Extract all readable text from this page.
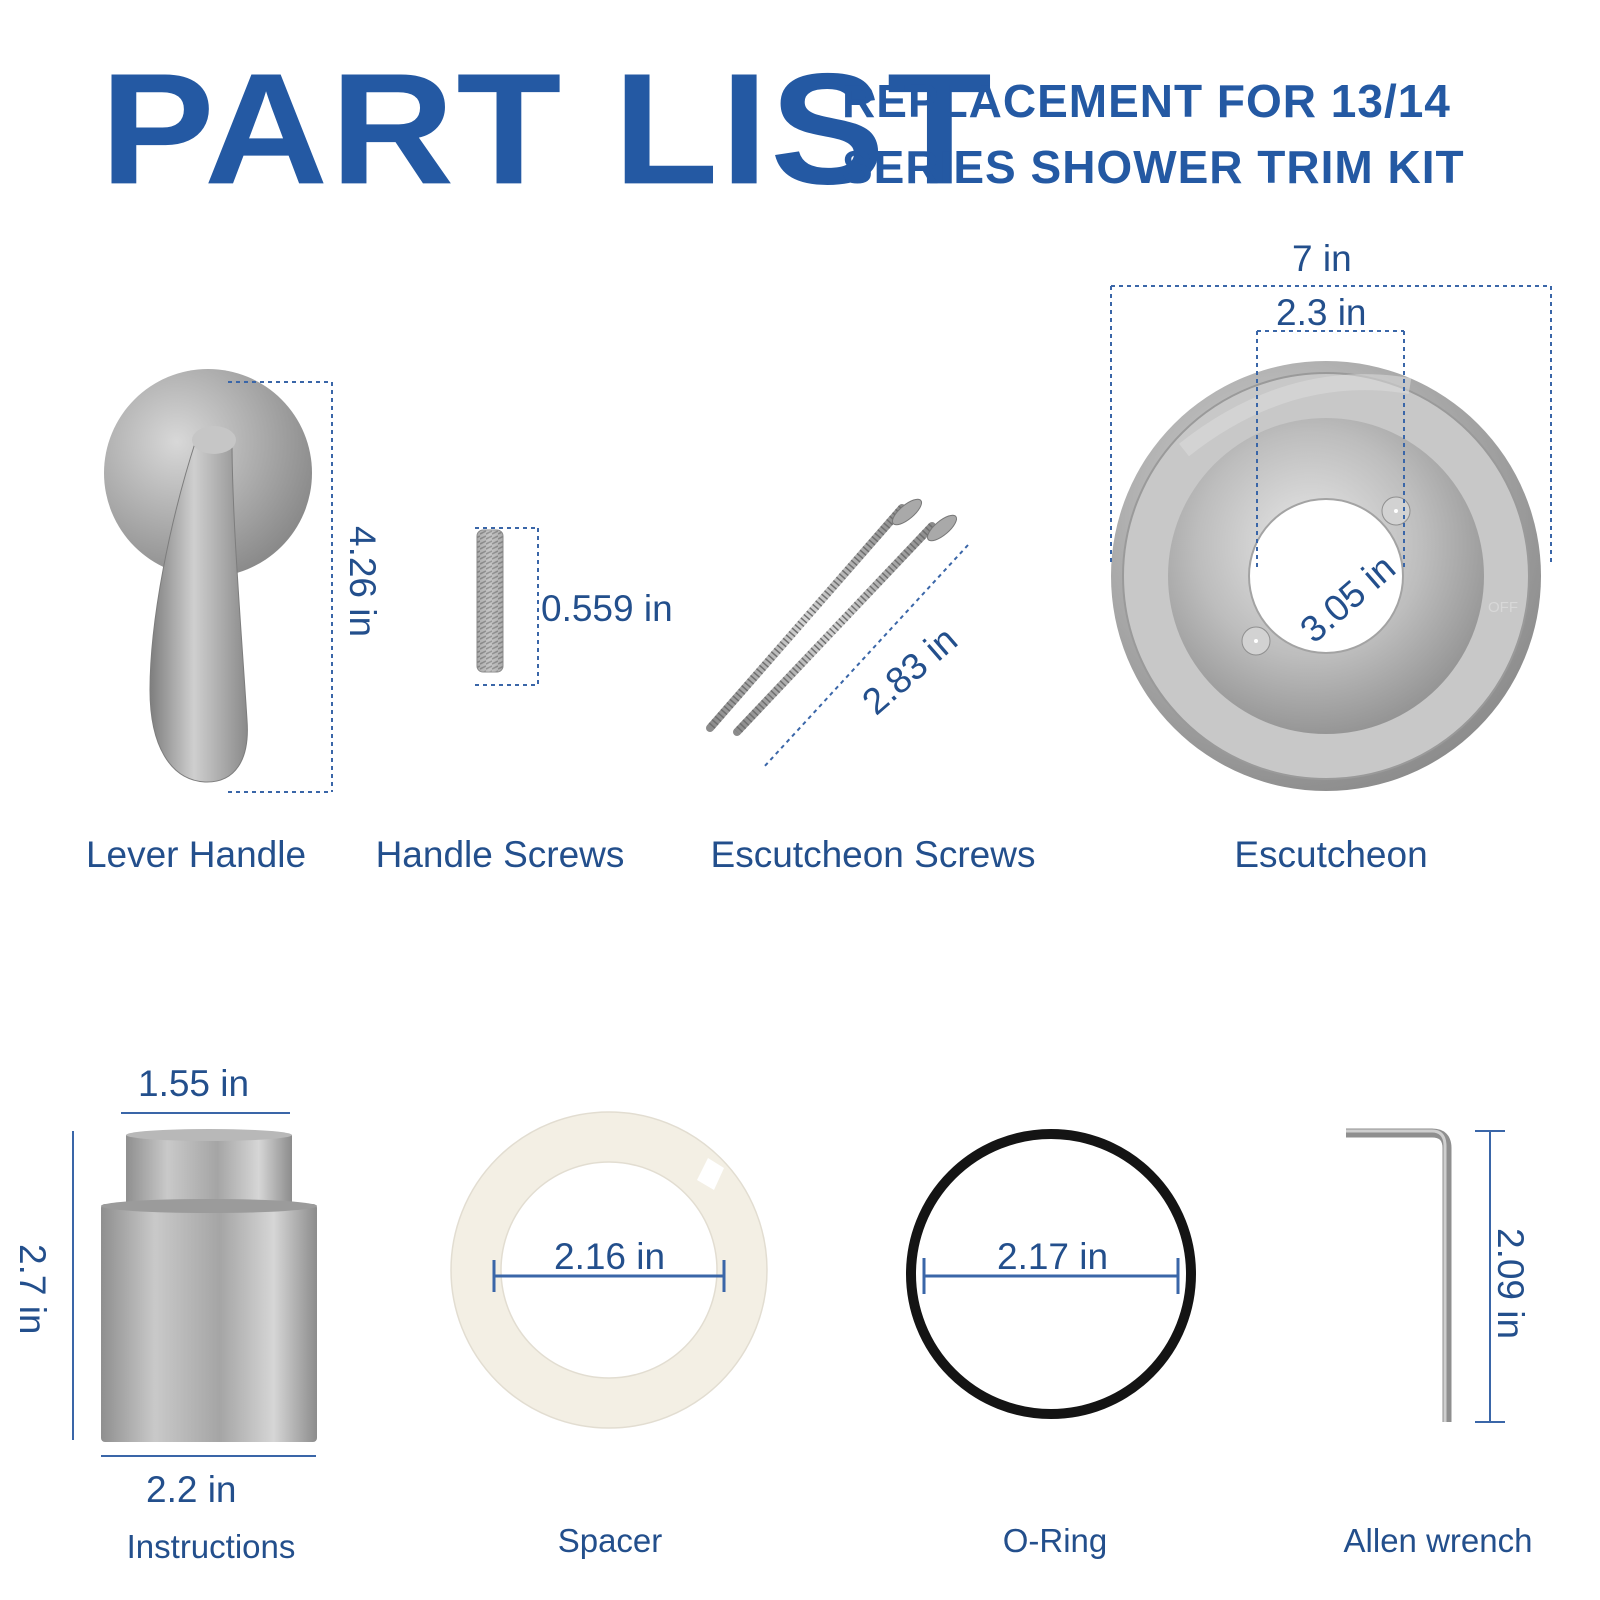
PART LIST
REPLACEMENT FOR 13/14
SERIES SHOWER TRIM KIT
OFF
4.26 in	0.559 in
2.83 in
7 in
2.3 in
3.05 in
1.55 in
2.2 in
2.7 in	2.16 in	2.17 in	2.09 in
Lever Handle	Handle Screws	Escutcheon Screws	Escutcheon
Instructions	Spacer	O-Ring	Allen wrench
